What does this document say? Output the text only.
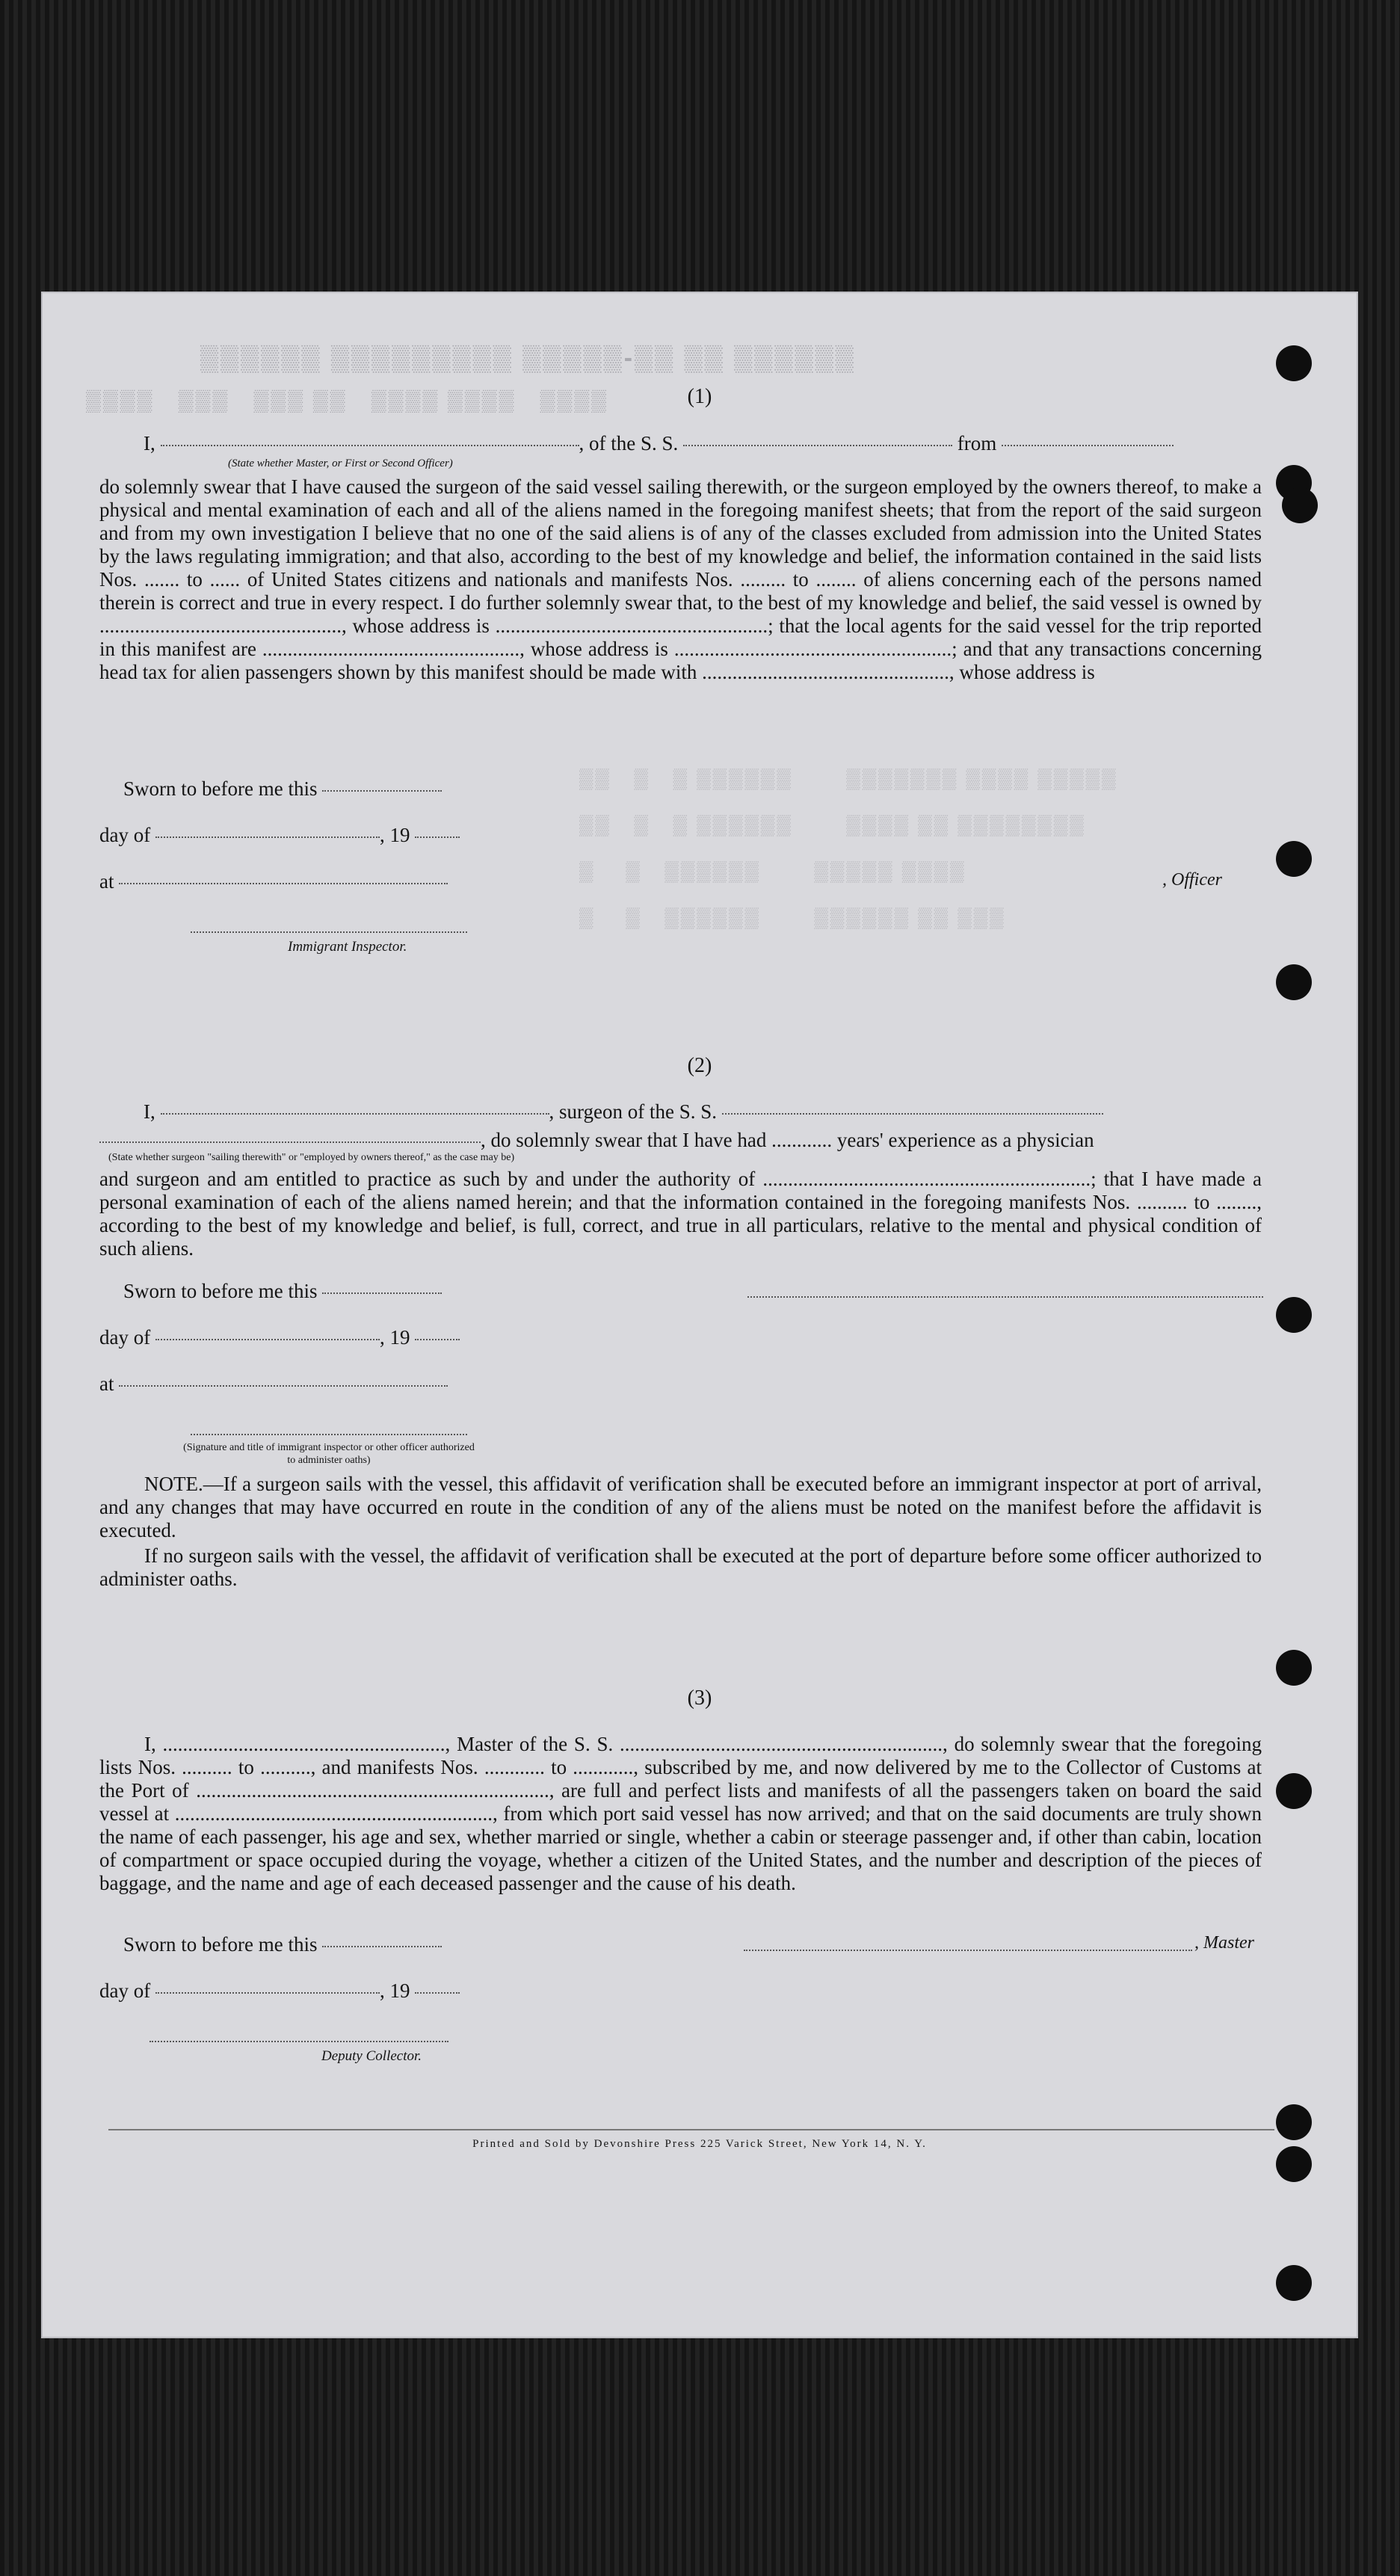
▒▒▒▒▒▒ ▒▒ ▒▒-▒▒▒▒▒ ▒▒▒▒▒▒▒▒▒ ▒▒▒▒▒▒
▒▒▒▒   ▒▒▒   ▒▒▒ ▒▒   ▒▒▒▒ ▒▒▒▒   ▒▒▒▒
▒▒   ▒   ▒ ▒▒▒▒▒▒       ▒▒▒▒▒▒▒ ▒▒▒▒ ▒▒▒▒▒
▒▒   ▒   ▒ ▒▒▒▒▒▒       ▒▒▒▒ ▒▒ ▒▒▒▒▒▒▒▒
▒    ▒   ▒▒▒▒▒▒       ▒▒▒▒▒ ▒▒▒▒
▒    ▒   ▒▒▒▒▒▒       ▒▒▒▒▒▒ ▒▒ ▒▒▒
(1)
I,	, of the S. S.	from
(State whether Master, or First or Second Officer)
do solemnly swear that I have caused the surgeon of the said vessel sailing therewith, or the surgeon employed by the owners thereof, to make a physical and mental examination of each and all of the aliens named in the foregoing manifest sheets; that from the report of the said surgeon and from my own investigation I believe that no one of the said aliens is of any of the classes excluded from admission into the United States by the laws regulating immigration; and that also, according to the best of my knowledge and belief, the information contained in the said lists Nos. ....... to ...... of United States citizens and nationals and manifests Nos. ......... to ........ of aliens concerning each of the persons named therein is correct and true in every respect. I do further solemnly swear that, to the best of my knowledge and belief, the said vessel is owned by ................................................, whose address is ......................................................; that the local agents for the said vessel for the trip reported in this manifest are ..................................................., whose address is .......................................................; and that any transactions concerning head tax for alien passengers shown by this manifest should be made with ................................................., whose address is
Sworn to before me this
day of	, 19
at	, Officer
Immigrant Inspector.
(2)
I,	, surgeon of the S. S.
, do solemnly swear that I have had ............ years' experience as a physician
(State whether surgeon "sailing therewith" or "employed by owners thereof," as the case may be)
and surgeon and am entitled to practice as such by and under the authority of .................................................................; that I have made a personal examination of each of the aliens named herein; and that the information contained in the foregoing manifests Nos. .......... to ........, according to the best of my knowledge and belief, is full, correct, and true in all particulars, relative to the mental and physical condition of such aliens.
Sworn to before me this
day of	, 19
at
(Signature and title of immigrant inspector or other officer authorized to administer oaths)
NOTE.—If a surgeon sails with the vessel, this affidavit of verification shall be executed before an immigrant inspector at port of arrival, and any changes that may have occurred en route in the condition of any of the aliens must be noted on the manifest before the affidavit is executed.
If no surgeon sails with the vessel, the affidavit of verification shall be executed at the port of departure before some officer authorized to administer oaths.
(3)
I, ........................................................, Master of the S. S. ................................................................, do solemnly swear that the foregoing lists Nos. .......... to .........., and manifests Nos. ............ to ............, subscribed by me, and now delivered by me to the Collector of Customs at the Port of ......................................................................, are full and perfect lists and manifests of all the passengers taken on board the said vessel at ..............................................................., from which port said vessel has now arrived; and that on the said documents are truly shown the name of each passenger, his age and sex, whether married or single, whether a cabin or steerage passenger and, if other than cabin, location of compartment or space occupied during the voyage, whether a citizen of the United States, and the number and description of the pieces of baggage, and the name and age of each deceased passenger and the cause of his death.
Sworn to before me this	, Master
day of	, 19
Deputy Collector.
Printed and Sold by Devonshire Press 225 Varick Street, New York 14, N. Y.
